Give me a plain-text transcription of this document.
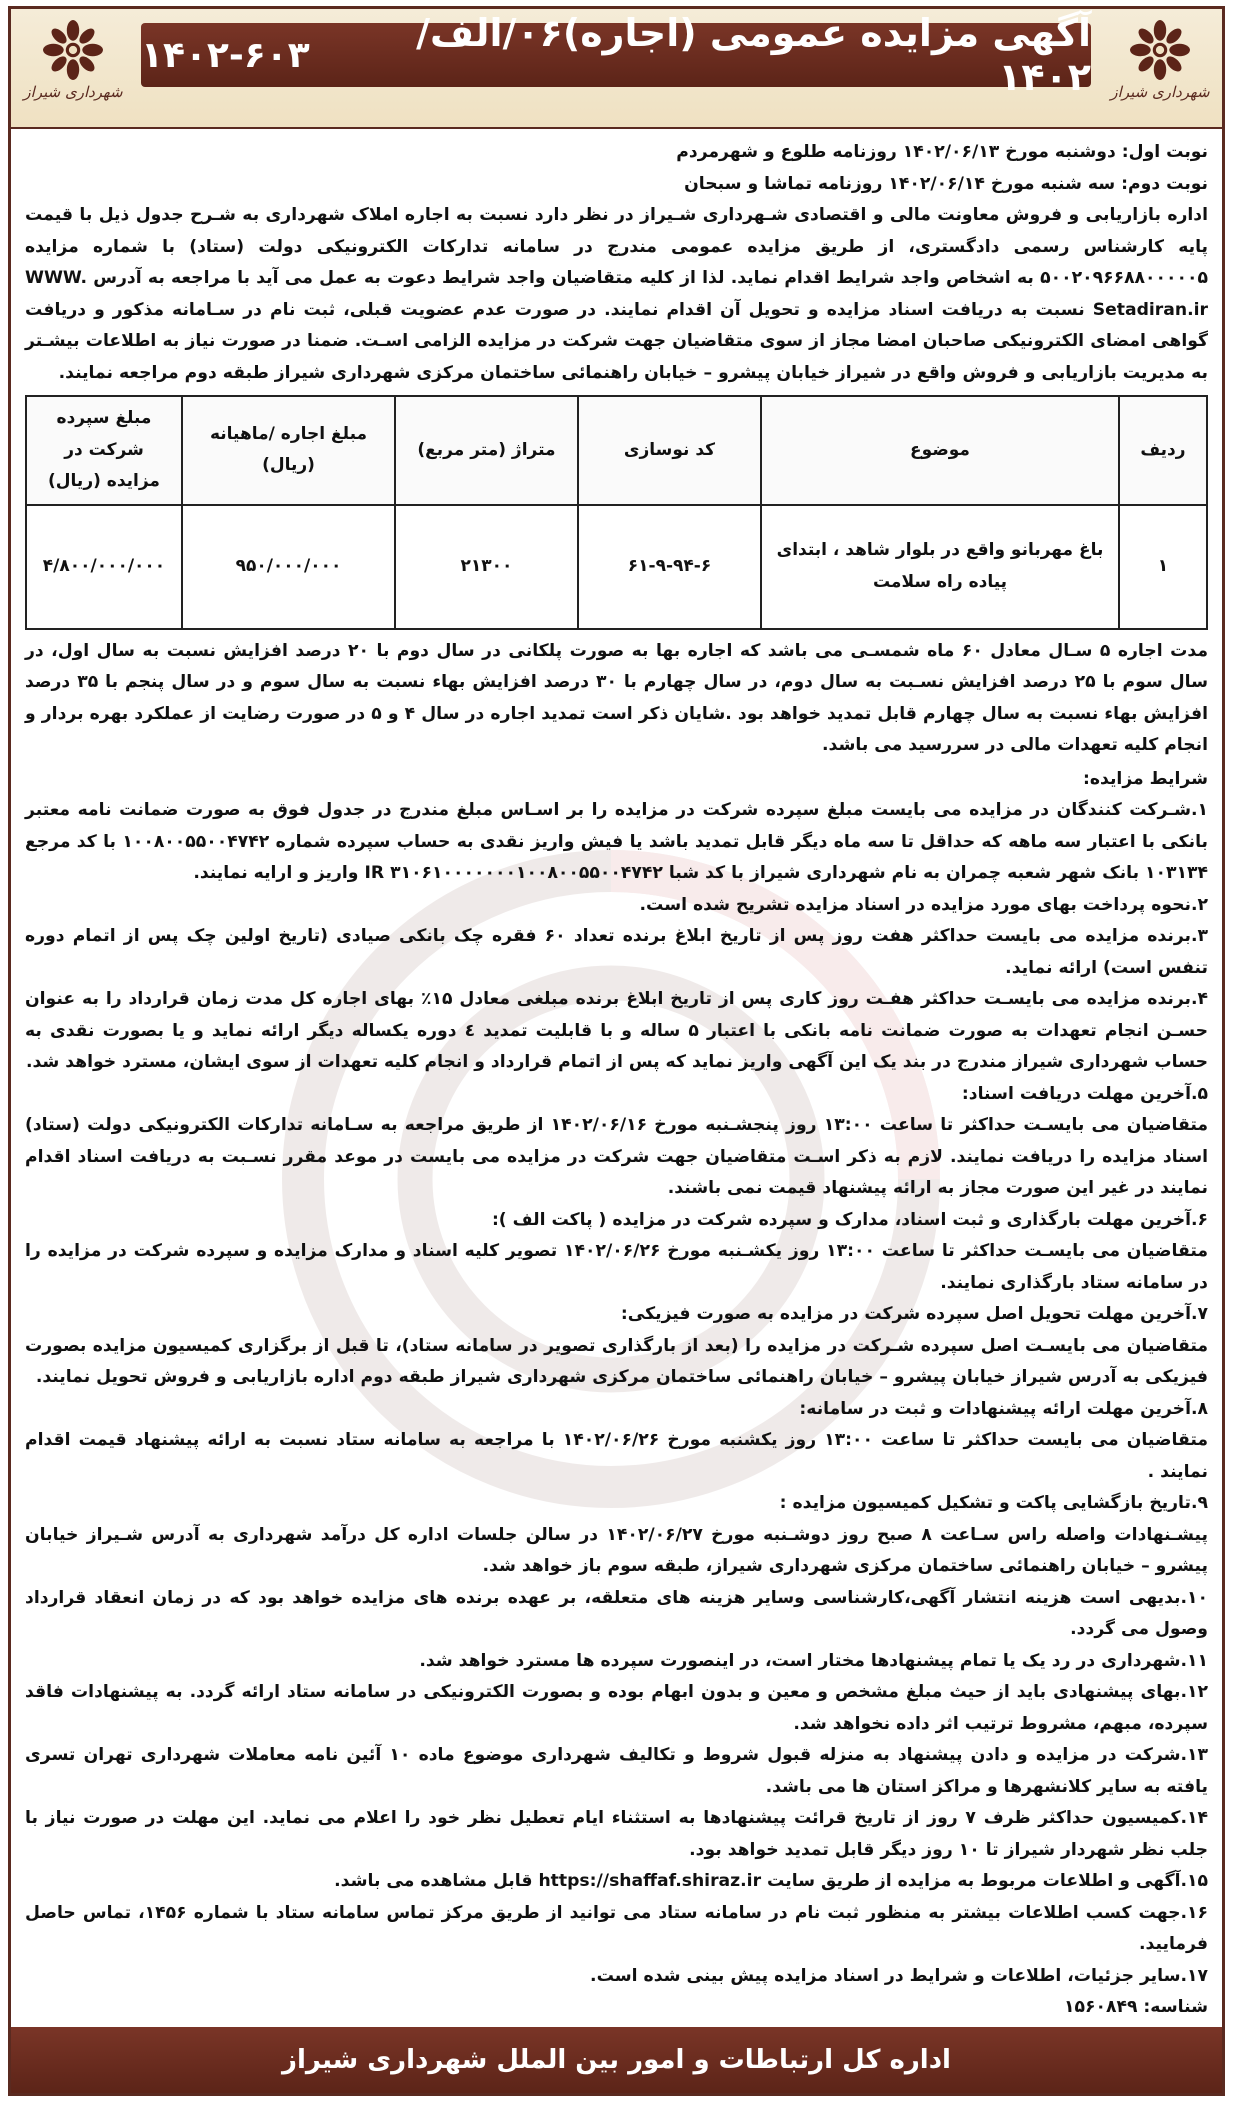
شهرداری شیراز
آگهی مزایده عمومی (اجاره)۰۶/الف/۱۴۰۲
۱۴۰۲-۶۰۳
شهرداری شیراز

نوبت اول: دوشنبه مورخ ۱۴۰۲/۰۶/۱۳ روزنامه طلوع و شهرمردم

نوبت دوم: سه شنبه مورخ ۱۴۰۲/۰۶/۱۴ روزنامه تماشا و سبحان

اداره بازاریابی و فروش معاونت مالی و اقتصادی شـهرداری شـیراز در نظر دارد نسبت به اجاره املاک شهرداری به شـرح جدول ذیل با قیمت پایه کارشناس رسمی دادگستری، از طریق مزایده عمومی مندرج در سامانه تدارکات الکترونیکی دولت (ستاد) با شماره مزایده ۵۰۰۲۰۹۶۶۸۸۰۰۰۰۰۵ به اشخاص واجد شرایط اقدام نماید. لذا از کلیه متقاضیان واجد شرایط دعوت به عمل می آید با مراجعه به آدرس WWW. Setadiran.ir نسبت به دریافت اسناد مزایده و تحویل آن اقدام نمایند. در صورت عدم عضویت قبلی، ثبت نام در سـامانه مذکور و دریافت گواهی امضای الکترونیکی صاحبان امضا مجاز از سوی متقاضیان جهت شرکت در مزایده الزامی اسـت. ضمنا در صورت نیاز به اطلاعات بیشـتر به مدیریت بازاریابی و فروش واقع در شیراز خیابان پیشرو – خیابان راهنمائی ساختمان مرکزی شهرداری شیراز طبقه دوم مراجعه نمایند.

ردیف	موضوع	کد نوسازی	متراژ (متر مربع)	مبلغ اجاره /ماهیانه (ریال)	مبلغ سپرده شرکت در مزایده (ریال)
۱	باغ مهربانو واقع در بلوار شاهد ، ابتدای پیاده راه سلامت	۶۱-۹-۹۴-۶	۲۱۳۰۰	۹۵۰/۰۰۰/۰۰۰	۴/۸۰۰/۰۰۰/۰۰۰

مدت اجاره ۵ سـال معادل ۶۰ ماه شمسـی می باشد که اجاره بها به صورت پلکانی در سال دوم با ۲۰ درصد افزایش نسبت به سال اول، در سال سوم با ۲۵ درصد افزایش نسـبت به سال دوم، در سال چهارم با ۳۰ درصد افزایش بهاء نسبت به سال سوم و در سال پنجم با ۳۵ درصد افزایش بهاء نسبت به سال چهارم قابل تمدید خواهد بود .شایان ذکر است تمدید اجاره در سال ۴ و ۵ در صورت رضایت از عملکرد بهره بردار و انجام کلیه تعهدات مالی در سررسید می باشد.

شرایط مزایده:

۱.شـرکت کنندگان در مزایده می بایست مبلغ سپرده شرکت در مزایده را بر اسـاس مبلغ مندرج در جدول فوق به صورت ضمانت نامه معتبر بانکی با اعتبار سه ماهه که حداقل تا سه ماه دیگر قابل تمدید باشد یا فیش واریز نقدی به حساب سپرده شماره ۱۰۰۸۰۰۵۵۰۰۴۷۴۲ با کد مرجع ۱۰۳۱۳۴ بانک شهر شعبه چمران به نام شهرداری شیراز با کد شبا IR ۳۱۰۶۱۰۰۰۰۰۰۰۱۰۰۸۰۰۵۵۰۰۴۷۴۲ واریز و ارایه نمایند.

۲.نحوه پرداخت بهای مورد مزایده در اسناد مزایده تشریح شده است.

۳.برنده مزایده می بایست حداکثر هفت روز پس از تاریخ ابلاغ برنده تعداد ۶۰ فقره چک بانکی صیادی (تاریخ اولین چک پس از اتمام دوره تنفس است) ارائه نماید.

۴.برنده مزایده می بایسـت حداکثر هفـت روز کاری پس از تاریخ ابلاغ برنده مبلغی معادل ۱۵٪ بهای اجاره کل مدت زمان قرارداد را به عنوان حسـن انجام تعهدات به صورت ضمانت نامه بانکی با اعتبار ۵ ساله و با قابلیت تمدید ٤ دوره یکساله دیگر ارائه نماید و یا بصورت نقدی به حساب شهرداری شیراز مندرج در بند یک این آگهی واریز نماید که پس از اتمام قرارداد و انجام کلیه تعهدات از سوی ایشان، مسترد خواهد شد.

۵.آخرین مهلت دریافت اسناد:

متقاضیان می بایسـت حداکثر تا ساعت ۱۳:۰۰ روز پنجشـنبه مورخ ۱۴۰۲/۰۶/۱۶ از طریق مراجعه به سـامانه تدارکات الکترونیکی دولت (ستاد) اسناد مزایده را دریافت نمایند. لازم به ذکر اسـت متقاضیان جهت شرکت در مزایده می بایست در موعد مقرر نسـبت به دریافت اسناد اقدام نمایند در غیر این صورت مجاز به ارائه پیشنهاد قیمت نمی باشند.

۶.آخرین مهلت بارگذاری و ثبت اسناد، مدارک و سپرده شرکت در مزایده ( پاکت الف ):

متقاضیان می بایسـت حداکثر تا ساعت ۱۳:۰۰ روز یکشـنبه مورخ ۱۴۰۲/۰۶/۲۶ تصویر کلیه اسناد و مدارک مزایده و سپرده شرکت در مزایده را در سامانه ستاد بارگذاری نمایند.

۷.آخرین مهلت تحویل اصل سپرده شرکت در مزایده به صورت فیزیکی:

متقاضیان می بایسـت اصل سپرده شـرکت در مزایده را (بعد از بارگذاری تصویر در سامانه ستاد)، تا قبل از برگزاری کمیسیون مزایده بصورت فیزیکی به آدرس شیراز خیابان پیشرو – خیابان راهنمائی ساختمان مرکزی شهرداری شیراز طبقه دوم اداره بازاریابی و فروش تحویل نمایند.

۸.آخرین مهلت ارائه پیشنهادات و ثبت در سامانه:

متقاضیان می بایست حداکثر تا ساعت ۱۳:۰۰ روز یکشنبه مورخ ۱۴۰۲/۰۶/۲۶ با مراجعه به سامانه ستاد نسبت به ارائه پیشنهاد قیمت اقدام نمایند .

۹.تاریخ بازگشایی پاکت و تشکیل کمیسیون مزایده :

پیشـنهادات واصله راس سـاعت ۸ صبح روز دوشـنبه مورخ ۱۴۰۲/۰۶/۲۷ در سالن جلسات اداره کل درآمد شهرداری به آدرس شـیراز خیابان پیشرو – خیابان راهنمائی ساختمان مرکزی شهرداری شیراز، طبقه سوم باز خواهد شد.

۱۰.بدیهی است هزینه انتشار آگهی،کارشناسی وسایر هزینه های متعلقه، بر عهده برنده های مزایده خواهد بود که در زمان انعقاد قرارداد وصول می گردد.

۱۱.شهرداری در رد یک یا تمام پیشنهادها مختار است، در اینصورت سپرده ها مسترد خواهد شد.

۱۲.بهای پیشنهادی باید از حیث مبلغ مشخص و معین و بدون ابهام بوده و بصورت الکترونیکی در سامانه ستاد ارائه گردد. به پیشنهادات فاقد سپرده، مبهم، مشروط ترتیب اثر داده نخواهد شد.

۱۳.شرکت در مزایده و دادن پیشنهاد به منزله قبول شروط و تکالیف شهرداری موضوع ماده ۱۰ آئین نامه معاملات شهرداری تهران تسری یافته به سایر کلانشهرها و مراکز استان ها می باشد.

۱۴.کمیسیون حداکثر ظرف ۷ روز از تاریخ قرائت پیشنهادها به استثناء ایام تعطیل نظر خود را اعلام می نماید. این مهلت در صورت نیاز با جلب نظر شهردار شیراز تا ۱۰ روز دیگر قابل تمدید خواهد بود.

۱۵.آگهی و اطلاعات مربوط به مزایده از طریق سایت https://shaffaf.shiraz.ir قابل مشاهده می باشد.

۱۶.جهت کسب اطلاعات بیشتر به منظور ثبت نام در سامانه ستاد می توانید از طریق مرکز تماس سامانه ستاد با شماره ۱۴۵۶، تماس حاصل فرمایید.

۱۷.سایر جزئیات، اطلاعات و شرایط در اسناد مزایده پیش بینی شده است.

شناسه: ۱۵۶۰۸۴۹

اداره کل ارتباطات و امور بین الملل شهرداری شیراز
